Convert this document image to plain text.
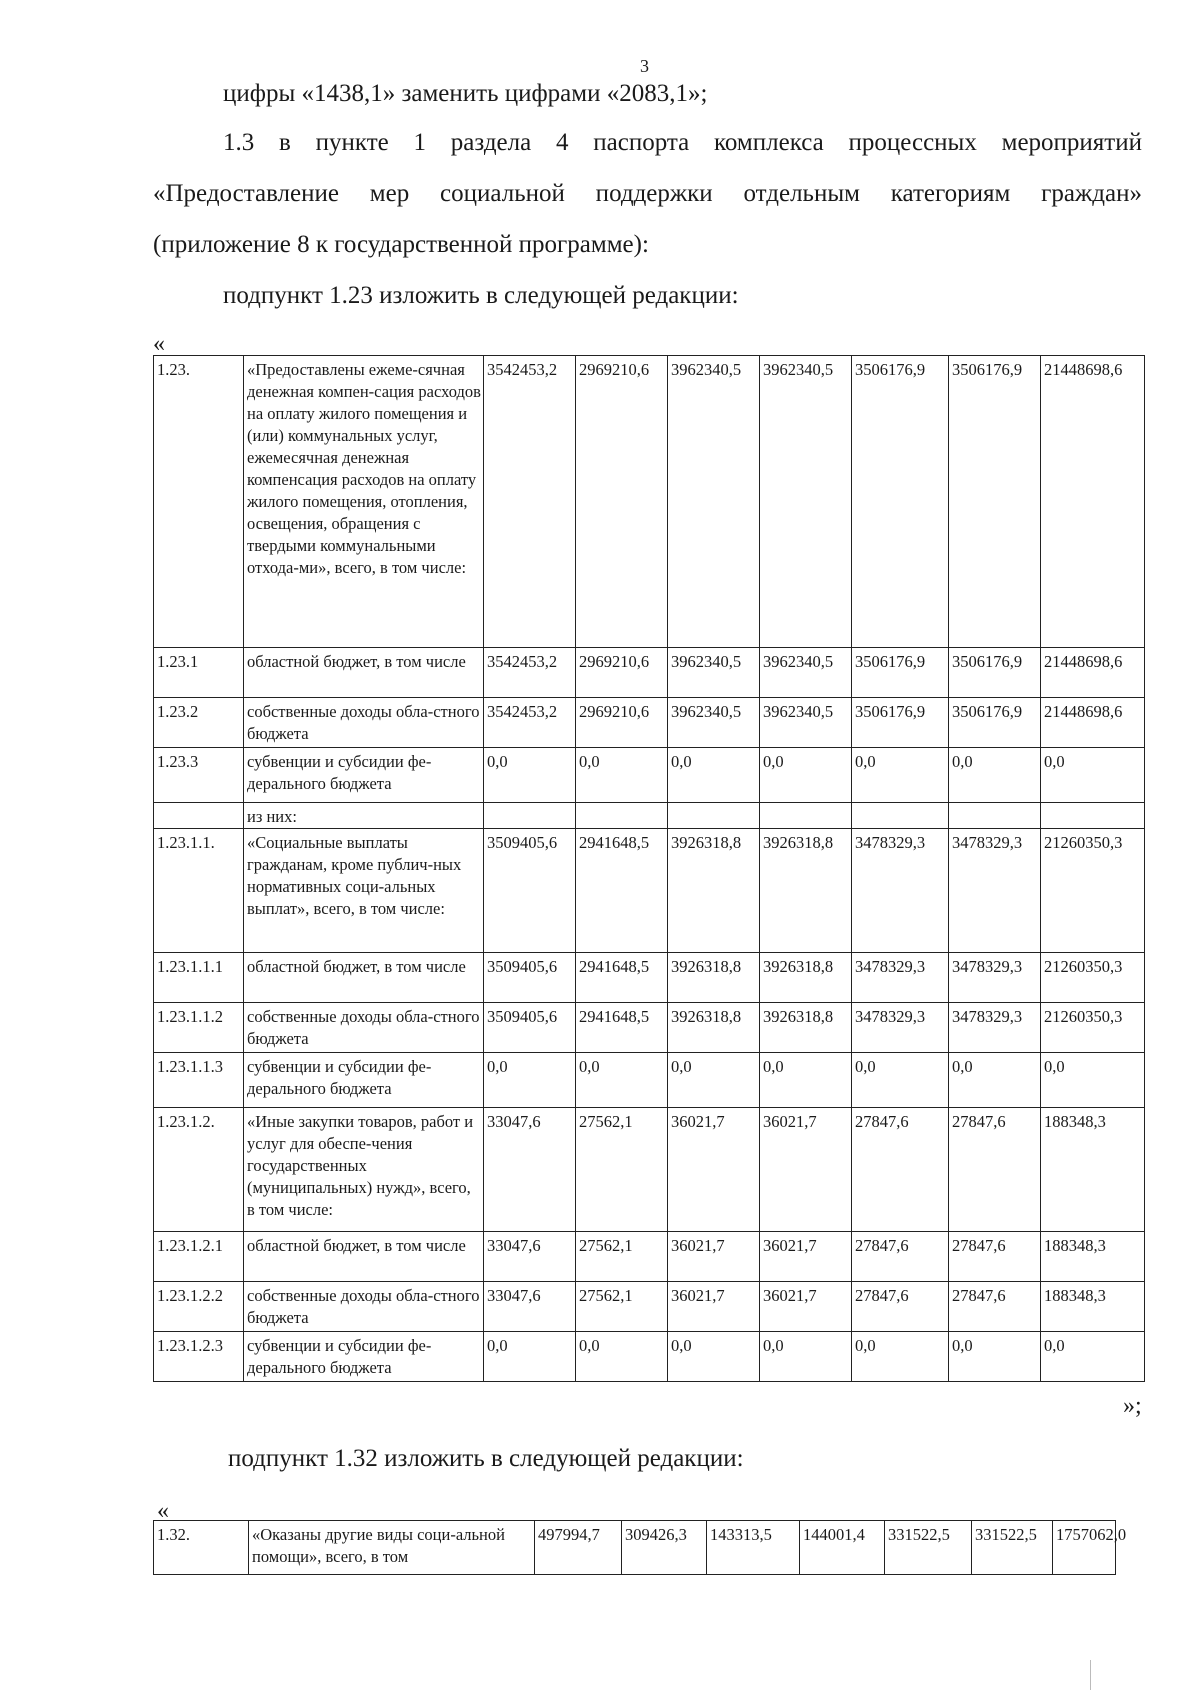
3
цифры «1438,1» заменить цифрами «2083,1»;
1.3 в пункте 1 раздела 4 паспорта комплекса процессных мероприятий
«Предоставление мер социальной поддержки отдельным категориям граждан»
(приложение 8 к государственной программе):
подпункт 1.23 изложить в следующей редакции:
«
1.23.	«Предоставлены ежеме-сячная денежная компен-сация расходов на оплату жилого помещения и (или) коммунальных услуг, ежемесячная денежная компенсация расходов на оплату жилого помещения, отопления, освещения, обращения с твердыми коммунальными отхода-ми», всего, в том числе:	3542453,2	2969210,6	3962340,5	3962340,5	3506176,9	3506176,9	21448698,6
1.23.1	областной бюджет, в том числе	3542453,2	2969210,6	3962340,5	3962340,5	3506176,9	3506176,9	21448698,6
1.23.2	собственные доходы обла-стного бюджета	3542453,2	2969210,6	3962340,5	3962340,5	3506176,9	3506176,9	21448698,6
1.23.3	субвенции и субсидии фе-дерального бюджета	0,0	0,0	0,0	0,0	0,0	0,0	0,0
	из них:							
1.23.1.1.	«Социальные выплаты гражданам, кроме публич-ных нормативных соци-альных выплат», всего, в том числе:	3509405,6	2941648,5	3926318,8	3926318,8	3478329,3	3478329,3	21260350,3
1.23.1.1.1	областной бюджет, в том числе	3509405,6	2941648,5	3926318,8	3926318,8	3478329,3	3478329,3	21260350,3
1.23.1.1.2	собственные доходы обла-стного бюджета	3509405,6	2941648,5	3926318,8	3926318,8	3478329,3	3478329,3	21260350,3
1.23.1.1.3	субвенции и субсидии фе-дерального бюджета	0,0	0,0	0,0	0,0	0,0	0,0	0,0
1.23.1.2.	«Иные закупки товаров, работ и услуг для обеспе-чения государственных (муниципальных) нужд», всего, в том числе:	33047,6	27562,1	36021,7	36021,7	27847,6	27847,6	188348,3
1.23.1.2.1	областной бюджет, в том числе	33047,6	27562,1	36021,7	36021,7	27847,6	27847,6	188348,3
1.23.1.2.2	собственные доходы обла-стного бюджета	33047,6	27562,1	36021,7	36021,7	27847,6	27847,6	188348,3
1.23.1.2.3	субвенции и субсидии фе-дерального бюджета	0,0	0,0	0,0	0,0	0,0	0,0	0,0
»;
подпункт 1.32 изложить в следующей редакции:
«
1.32.	«Оказаны другие виды соци-альной помощи», всего, в том	497994,7	309426,3	143313,5	144001,4	331522,5	331522,5	1757062,0
